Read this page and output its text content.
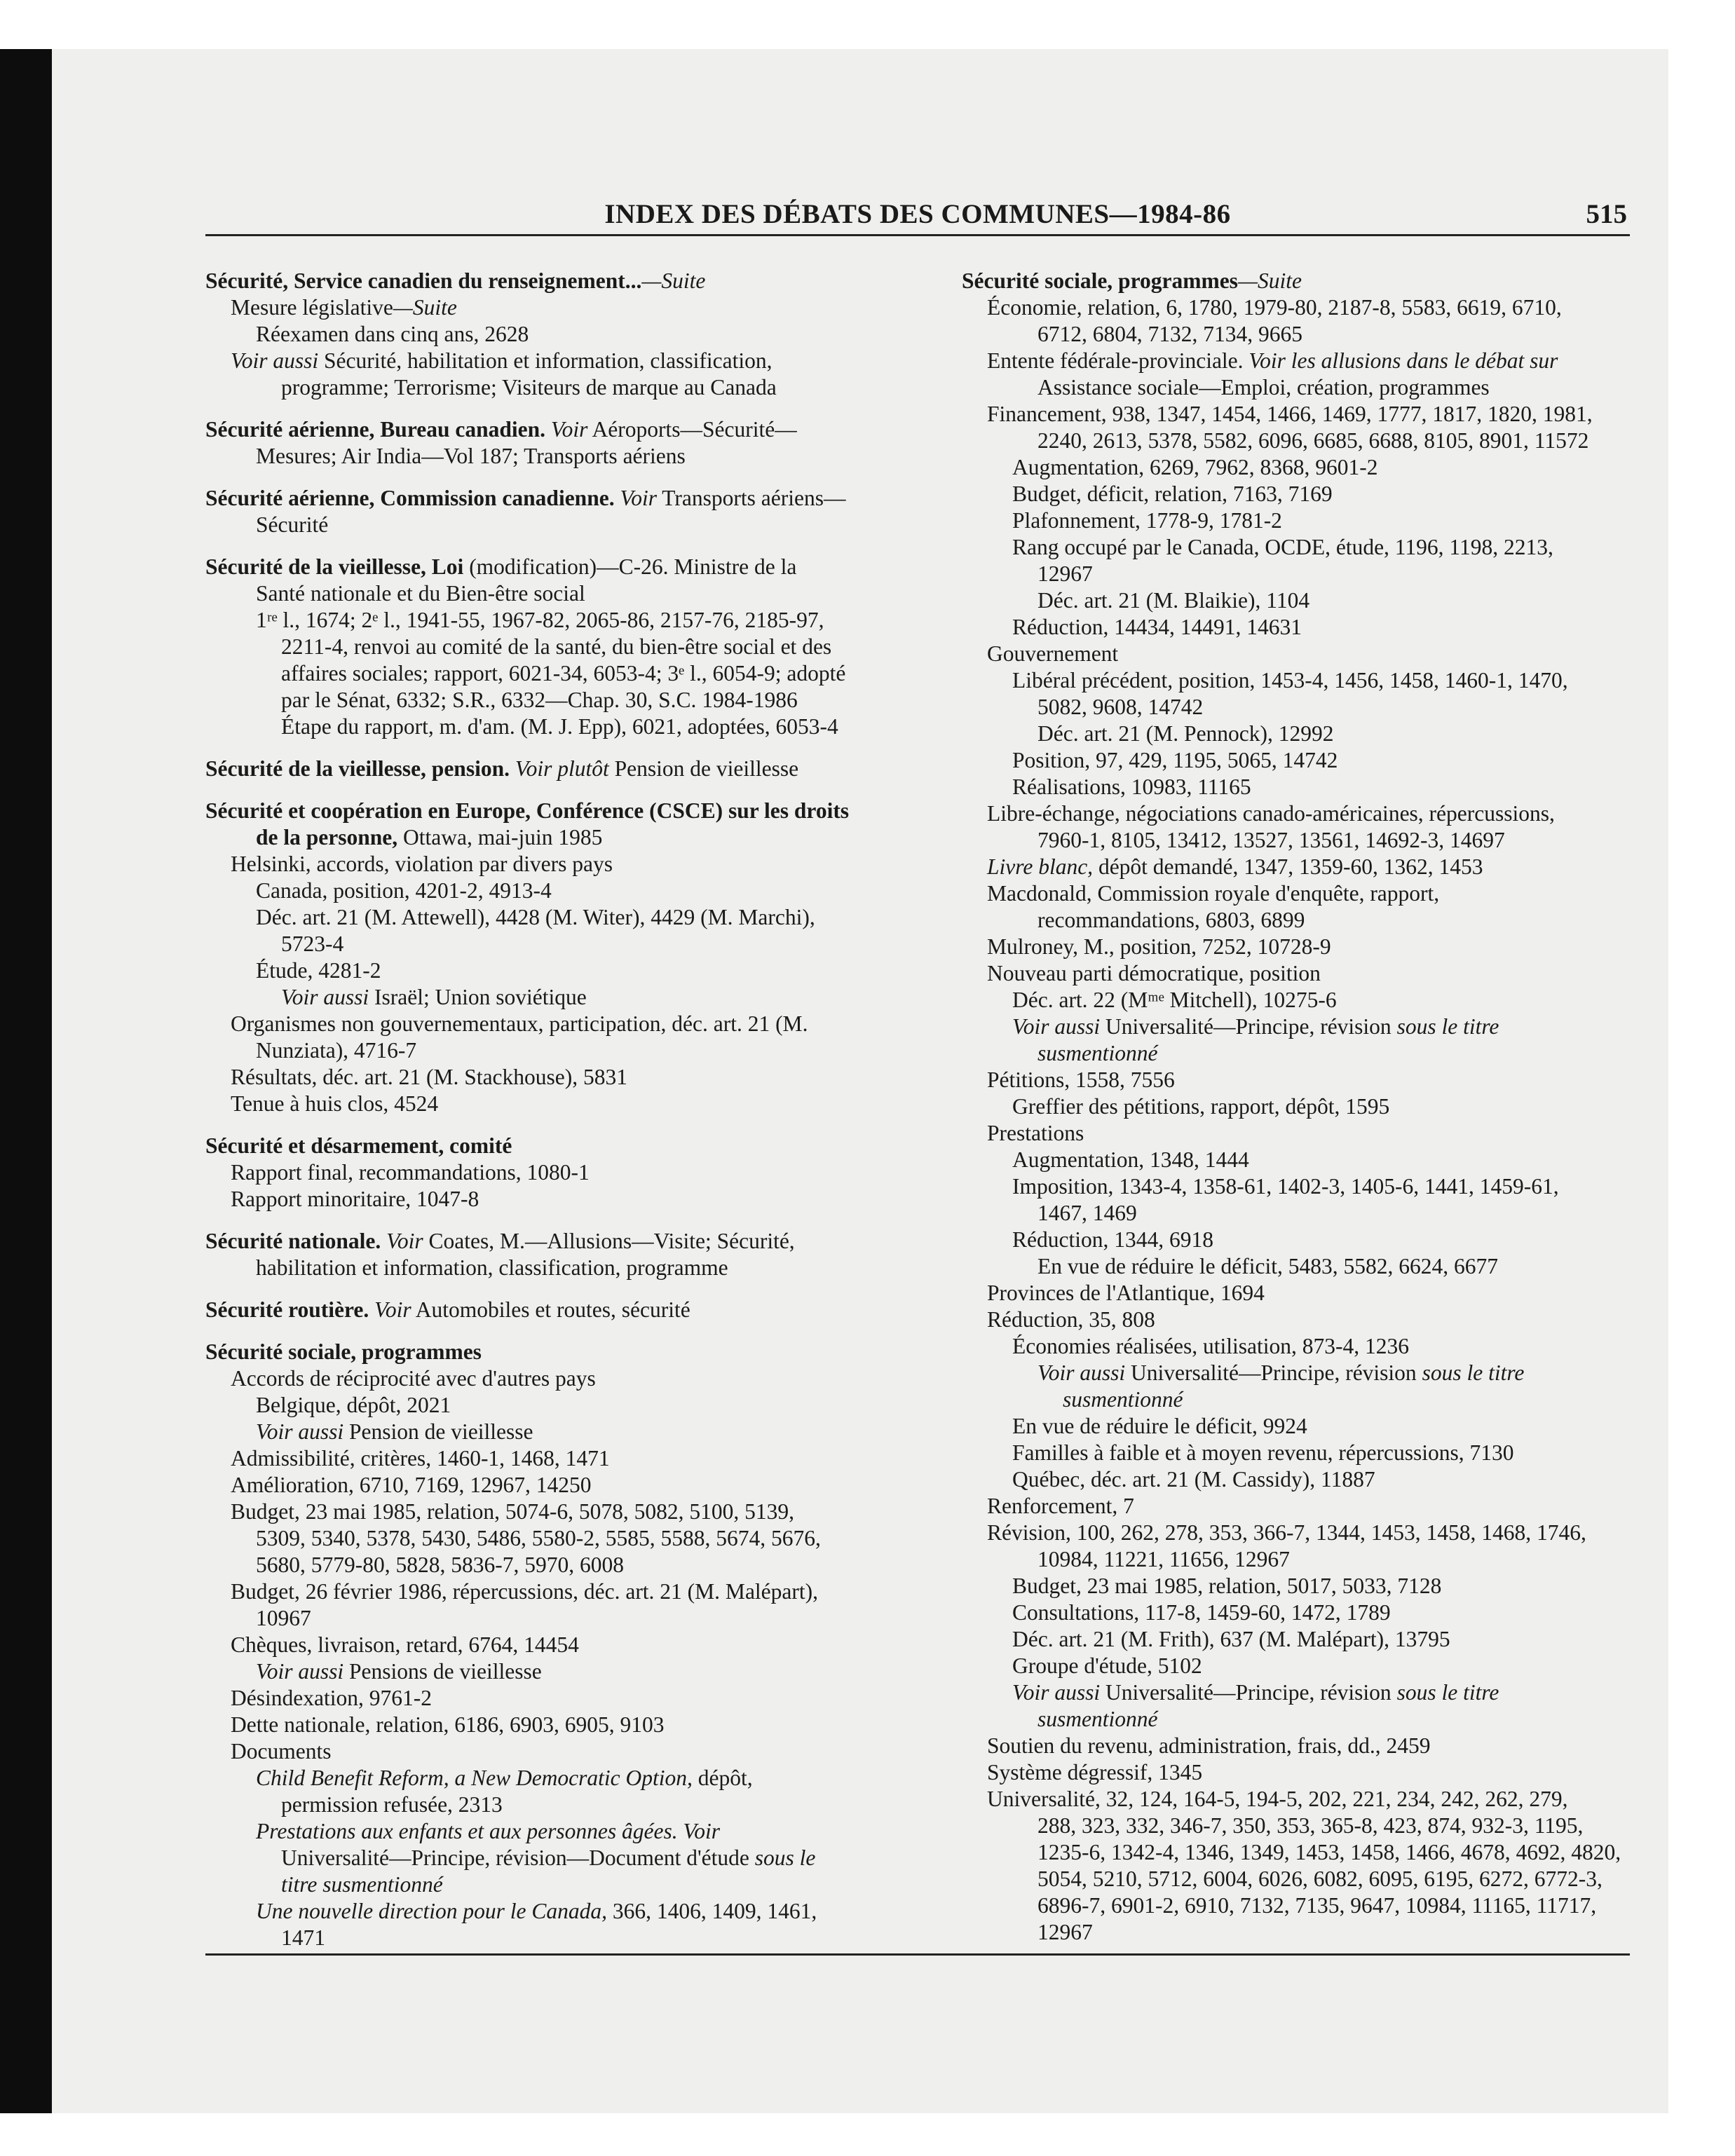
INDEX DES DÉBATS DES COMMUNES—1984-86	515
Sécurité, Service canadien du renseignement...—Suite
Mesure législative—Suite
Réexamen dans cinq ans, 2628
Voir aussi Sécurité, habilitation et information, classification,
programme; Terrorisme; Visiteurs de marque au Canada
Sécurité aérienne, Bureau canadien. Voir Aéroports—Sécurité—
Mesures; Air India—Vol 187; Transports aériens
Sécurité aérienne, Commission canadienne. Voir Transports aériens—
Sécurité
Sécurité de la vieillesse, Loi (modification)—C-26. Ministre de la
Santé nationale et du Bien-être social
1ʳᵉ l., 1674; 2ᵉ l., 1941-55, 1967-82, 2065-86, 2157-76, 2185-97,
2211-4, renvoi au comité de la santé, du bien-être social et des
affaires sociales; rapport, 6021-34, 6053-4; 3ᵉ l., 6054-9; adopté
par le Sénat, 6332; S.R., 6332—Chap. 30, S.C. 1984-1986
Étape du rapport, m. d'am. (M. J. Epp), 6021, adoptées, 6053-4
Sécurité de la vieillesse, pension. Voir plutôt Pension de vieillesse
Sécurité et coopération en Europe, Conférence (CSCE) sur les droits
de la personne, Ottawa, mai-juin 1985
Helsinki, accords, violation par divers pays
Canada, position, 4201-2, 4913-4
Déc. art. 21 (M. Attewell), 4428 (M. Witer), 4429 (M. Marchi),
5723-4
Étude, 4281-2
Voir aussi Israël; Union soviétique
Organismes non gouvernementaux, participation, déc. art. 21 (M.
Nunziata), 4716-7
Résultats, déc. art. 21 (M. Stackhouse), 5831
Tenue à huis clos, 4524
Sécurité et désarmement, comité
Rapport final, recommandations, 1080-1
Rapport minoritaire, 1047-8
Sécurité nationale. Voir Coates, M.—Allusions—Visite; Sécurité,
habilitation et information, classification, programme
Sécurité routière. Voir Automobiles et routes, sécurité
Sécurité sociale, programmes
Accords de réciprocité avec d'autres pays
Belgique, dépôt, 2021
Voir aussi Pension de vieillesse
Admissibilité, critères, 1460-1, 1468, 1471
Amélioration, 6710, 7169, 12967, 14250
Budget, 23 mai 1985, relation, 5074-6, 5078, 5082, 5100, 5139,
5309, 5340, 5378, 5430, 5486, 5580-2, 5585, 5588, 5674, 5676,
5680, 5779-80, 5828, 5836-7, 5970, 6008
Budget, 26 février 1986, répercussions, déc. art. 21 (M. Malépart),
10967
Chèques, livraison, retard, 6764, 14454
Voir aussi Pensions de vieillesse
Désindexation, 9761-2
Dette nationale, relation, 6186, 6903, 6905, 9103
Documents
Child Benefit Reform, a New Democratic Option, dépôt,
permission refusée, 2313
Prestations aux enfants et aux personnes âgées. Voir
Universalité—Principe, révision—Document d'étude sous le
titre susmentionné
Une nouvelle direction pour le Canada, 366, 1406, 1409, 1461,
1471
Sécurité sociale, programmes—Suite
Économie, relation, 6, 1780, 1979-80, 2187-8, 5583, 6619, 6710,
6712, 6804, 7132, 7134, 9665
Entente fédérale-provinciale. Voir les allusions dans le débat sur
Assistance sociale—Emploi, création, programmes
Financement, 938, 1347, 1454, 1466, 1469, 1777, 1817, 1820, 1981,
2240, 2613, 5378, 5582, 6096, 6685, 6688, 8105, 8901, 11572
Augmentation, 6269, 7962, 8368, 9601-2
Budget, déficit, relation, 7163, 7169
Plafonnement, 1778-9, 1781-2
Rang occupé par le Canada, OCDE, étude, 1196, 1198, 2213,
12967
Déc. art. 21 (M. Blaikie), 1104
Réduction, 14434, 14491, 14631
Gouvernement
Libéral précédent, position, 1453-4, 1456, 1458, 1460-1, 1470,
5082, 9608, 14742
Déc. art. 21 (M. Pennock), 12992
Position, 97, 429, 1195, 5065, 14742
Réalisations, 10983, 11165
Libre-échange, négociations canado-américaines, répercussions,
7960-1, 8105, 13412, 13527, 13561, 14692-3, 14697
Livre blanc, dépôt demandé, 1347, 1359-60, 1362, 1453
Macdonald, Commission royale d'enquête, rapport,
recommandations, 6803, 6899
Mulroney, M., position, 7252, 10728-9
Nouveau parti démocratique, position
Déc. art. 22 (Mᵐᵉ Mitchell), 10275-6
Voir aussi Universalité—Principe, révision sous le titre
susmentionné
Pétitions, 1558, 7556
Greffier des pétitions, rapport, dépôt, 1595
Prestations
Augmentation, 1348, 1444
Imposition, 1343-4, 1358-61, 1402-3, 1405-6, 1441, 1459-61,
1467, 1469
Réduction, 1344, 6918
En vue de réduire le déficit, 5483, 5582, 6624, 6677
Provinces de l'Atlantique, 1694
Réduction, 35, 808
Économies réalisées, utilisation, 873-4, 1236
Voir aussi Universalité—Principe, révision sous le titre
susmentionné
En vue de réduire le déficit, 9924
Familles à faible et à moyen revenu, répercussions, 7130
Québec, déc. art. 21 (M. Cassidy), 11887
Renforcement, 7
Révision, 100, 262, 278, 353, 366-7, 1344, 1453, 1458, 1468, 1746,
10984, 11221, 11656, 12967
Budget, 23 mai 1985, relation, 5017, 5033, 7128
Consultations, 117-8, 1459-60, 1472, 1789
Déc. art. 21 (M. Frith), 637 (M. Malépart), 13795
Groupe d'étude, 5102
Voir aussi Universalité—Principe, révision sous le titre
susmentionné
Soutien du revenu, administration, frais, dd., 2459
Système dégressif, 1345
Universalité, 32, 124, 164-5, 194-5, 202, 221, 234, 242, 262, 279,
288, 323, 332, 346-7, 350, 353, 365-8, 423, 874, 932-3, 1195,
1235-6, 1342-4, 1346, 1349, 1453, 1458, 1466, 4678, 4692, 4820,
5054, 5210, 5712, 6004, 6026, 6082, 6095, 6195, 6272, 6772-3,
6896-7, 6901-2, 6910, 7132, 7135, 9647, 10984, 11165, 11717,
12967
